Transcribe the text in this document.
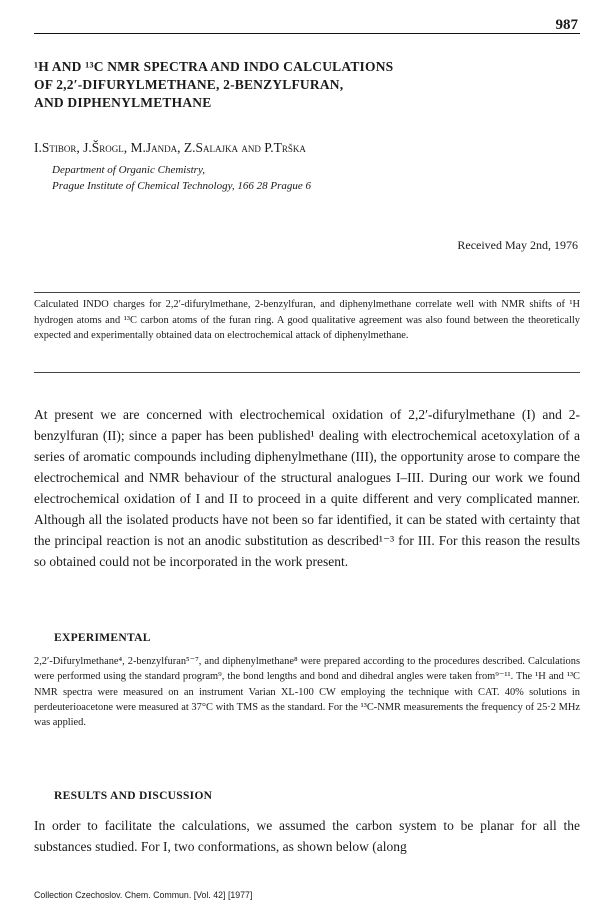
987
¹H AND ¹³C NMR SPECTRA AND INDO CALCULATIONS
OF 2,2′-DIFURYLMETHANE, 2-BENZYLFURAN,
AND DIPHENYLMETHANE
I.Stibor, J.Šrogl, M.Janda, Z.Salajka and P.Trška
Department of Organic Chemistry,
Prague Institute of Chemical Technology, 166 28 Prague 6
Received May 2nd, 1976
Calculated INDO charges for 2,2′-difurylmethane, 2-benzylfuran, and diphenylmethane correlate well with NMR shifts of ¹H hydrogen atoms and ¹³C carbon atoms of the furan ring. A good qualitative agreement was also found between the theoretically expected and experimentally obtained data on electrochemical attack of diphenylmethane.
At present we are concerned with electrochemical oxidation of 2,2′-difurylmethane (I) and 2-benzylfuran (II); since a paper has been published¹ dealing with electrochemical acetoxylation of a series of aromatic compounds including diphenylmethane (III), the opportunity arose to compare the electrochemical and NMR behaviour of the structural analogues I–III. During our work we found electrochemical oxidation of I and II to proceed in a quite different and very complicated manner. Although all the isolated products have not been so far identified, it can be stated with certainty that the principal reaction is not an anodic substitution as described¹⁻³ for III. For this reason the results so obtained could not be incorporated in the work present.
EXPERIMENTAL
2,2′-Difurylmethane⁴, 2-benzylfuran⁵⁻⁷, and diphenylmethane⁸ were prepared according to the procedures described. Calculations were performed using the standard program⁹, the bond lengths and bond and dihedral angles were taken from⁹⁻¹¹. The ¹H and ¹³C NMR spectra were measured on an instrument Varian XL-100 CW employing the technique with CAT. 40% solutions in perdeuterioacetone were measured at 37°C with TMS as the standard. For the ¹³C-NMR measurements the frequency of 25·2 MHz was applied.
RESULTS AND DISCUSSION
In order to facilitate the calculations, we assumed the carbon system to be planar for all the substances studied. For I, two conformations, as shown below (along
Collection Czechoslov. Chem. Commun. [Vol. 42] [1977]
